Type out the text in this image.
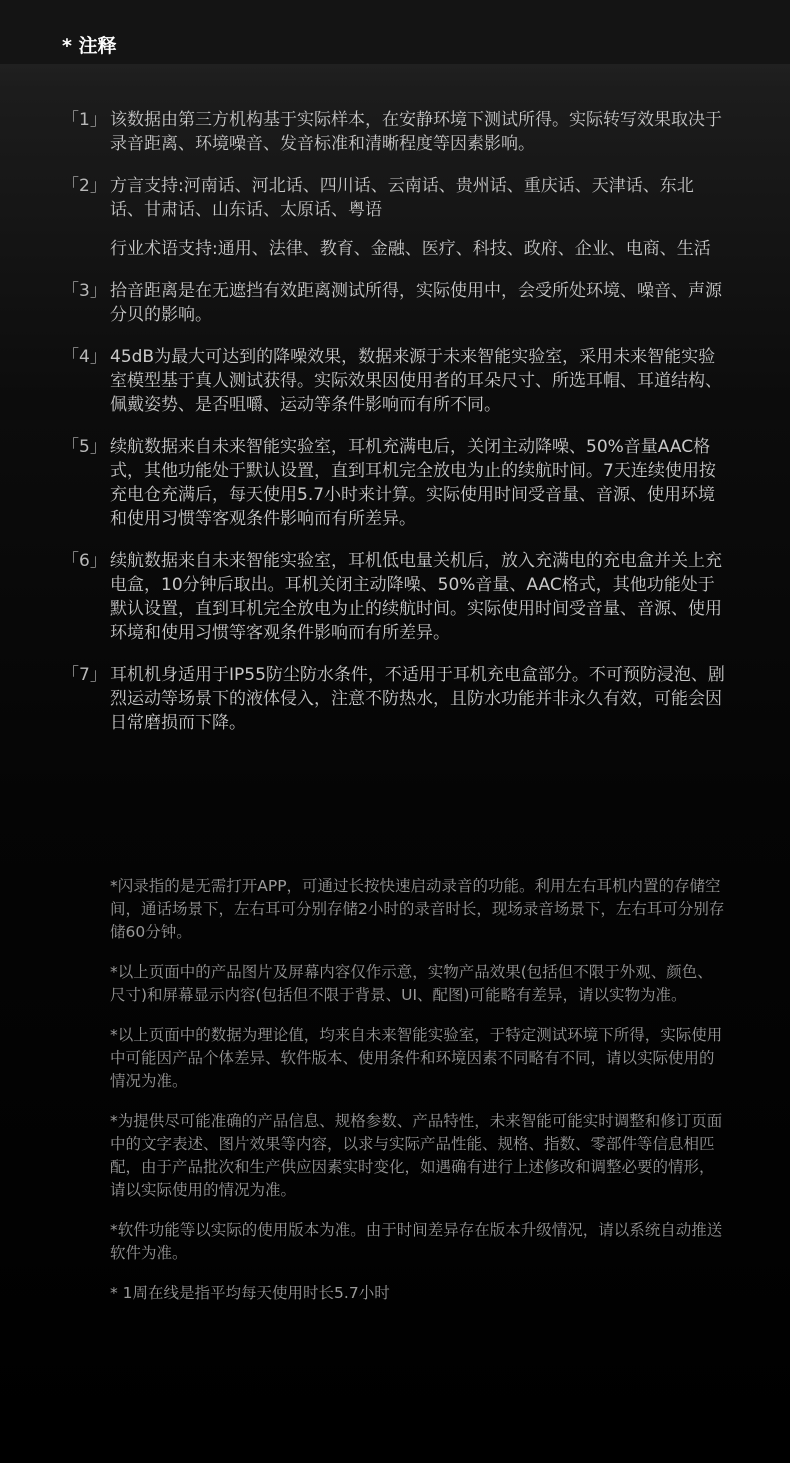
* 注释
「1」 该数据由第三方机构基于实际样本，在安静环境下测试所得。实际转写效果取决于录音距离、环境噪音、发音标准和清晰程度等因素影响。

「2」 方言支持:河南话、河北话、四川话、云南话、贵州话、重庆话、天津话、东北话、甘肃话、山东话、太原话、粤语

行业术语支持:通用、法律、教育、金融、医疗、科技、政府、企业、电商、生活

「3」 拾音距离是在无遮挡有效距离测试所得，实际使用中，会受所处环境、噪音、声源分贝的影响。

「4」 45dB为最大可达到的降噪效果，数据来源于未来智能实验室，采用未来智能实验室模型基于真人测试获得。实际效果因使用者的耳朵尺寸、所选耳帽、耳道结构、佩戴姿势、是否咀嚼、运动等条件影响而有所不同。

「5」 续航数据来自未来智能实验室，耳机充满电后，关闭主动降噪、50%音量AAC格式，其他功能处于默认设置，直到耳机完全放电为止的续航时间。7天连续使用按充电仓充满后，每天使用5.7小时来计算。实际使用时间受音量、音源、使用环境和使用习惯等客观条件影响而有所差异。

「6」 续航数据来自未来智能实验室，耳机低电量关机后，放入充满电的充电盒并关上充电盒，10分钟后取出。耳机关闭主动降噪、50%音量、AAC格式，其他功能处于默认设置，直到耳机完全放电为止的续航时间。实际使用时间受音量、音源、使用环境和使用习惯等客观条件影响而有所差异。

「7」 耳机机身适用于IP55防尘防水条件，不适用于耳机充电盒部分。不可预防浸泡、剧烈运动等场景下的液体侵入，注意不防热水，且防水功能并非永久有效，可能会因日常磨损而下降。

*闪录指的是无需打开APP，可通过长按快速启动录音的功能。利用左右耳机内置的存储空间，通话场景下，左右耳可分别存储2小时的录音时长，现场录音场景下，左右耳可分别存储60分钟。

*以上页面中的产品图片及屏幕内容仅作示意，实物产品效果(包括但不限于外观、颜色、尺寸)和屏幕显示内容(包括但不限于背景、UI、配图)可能略有差异，请以实物为准。

*以上页面中的数据为理论值，均来自未来智能实验室，于特定测试环境下所得，实际使用中可能因产品个体差异、软件版本、使用条件和环境因素不同略有不同，请以实际使用的情况为准。

*为提供尽可能准确的产品信息、规格参数、产品特性，未来智能可能实时调整和修订页面中的文字表述、图片效果等内容，以求与实际产品性能、规格、指数、零部件等信息相匹配，由于产品批次和生产供应因素实时变化，如遇确有进行上述修改和调整必要的情形，请以实际使用的情况为准。

*软件功能等以实际的使用版本为准。由于时间差异存在版本升级情况，请以系统自动推送软件为准。

* 1周在线是指平均每天使用时长5.7小时
